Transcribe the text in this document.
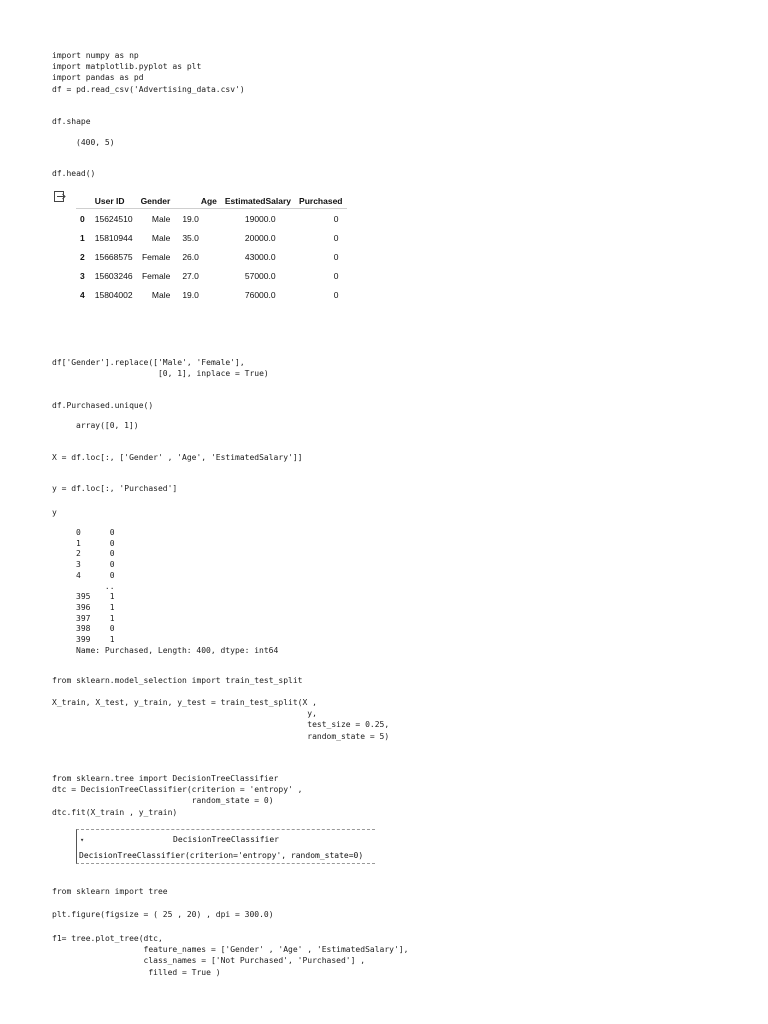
import numpy as np
import matplotlib.pyplot as plt
import pandas as pd
df = pd.read_csv('Advertising_data.csv')
df.shape
(400, 5)
df.head()
	User ID	Gender	Age	EstimatedSalary	Purchased
0	15624510	Male	19.0	19000.0	0
1	15810944	Male	35.0	20000.0	0
2	15668575	Female	26.0	43000.0	0
3	15603246	Female	27.0	57000.0	0
4	15804002	Male	19.0	76000.0	0
df['Gender'].replace(['Male', 'Female'],
[0, 1], inplace = True)
df.Purchased.unique()
array([0, 1])
X = df.loc[:, ['Gender' , 'Age', 'EstimatedSalary']]
y = df.loc[:, 'Purchased']
y
0      0
1      0
2      0
3      0
4      0
..
395    1
396    1
397    1
398    0
399    1
Name: Purchased, Length: 400, dtype: int64
from sklearn.model_selection import train_test_split
X_train, X_test, y_train, y_test = train_test_split(X ,
y,
test_size = 0.25,
random_state = 5)
from sklearn.tree import DecisionTreeClassifier
dtc = DecisionTreeClassifier(criterion = 'entropy' ,
random_state = 0)
dtc.fit(X_train , y_train)
▾	DecisionTreeClassifier
DecisionTreeClassifier(criterion='entropy', random_state=0)
from sklearn import tree
plt.figure(figsize = ( 25 , 20) , dpi = 300.0)
f1= tree.plot_tree(dtc,
feature_names = ['Gender' , 'Age' , 'EstimatedSalary'],
class_names = ['Not Purchased', 'Purchased'] ,
filled = True )
